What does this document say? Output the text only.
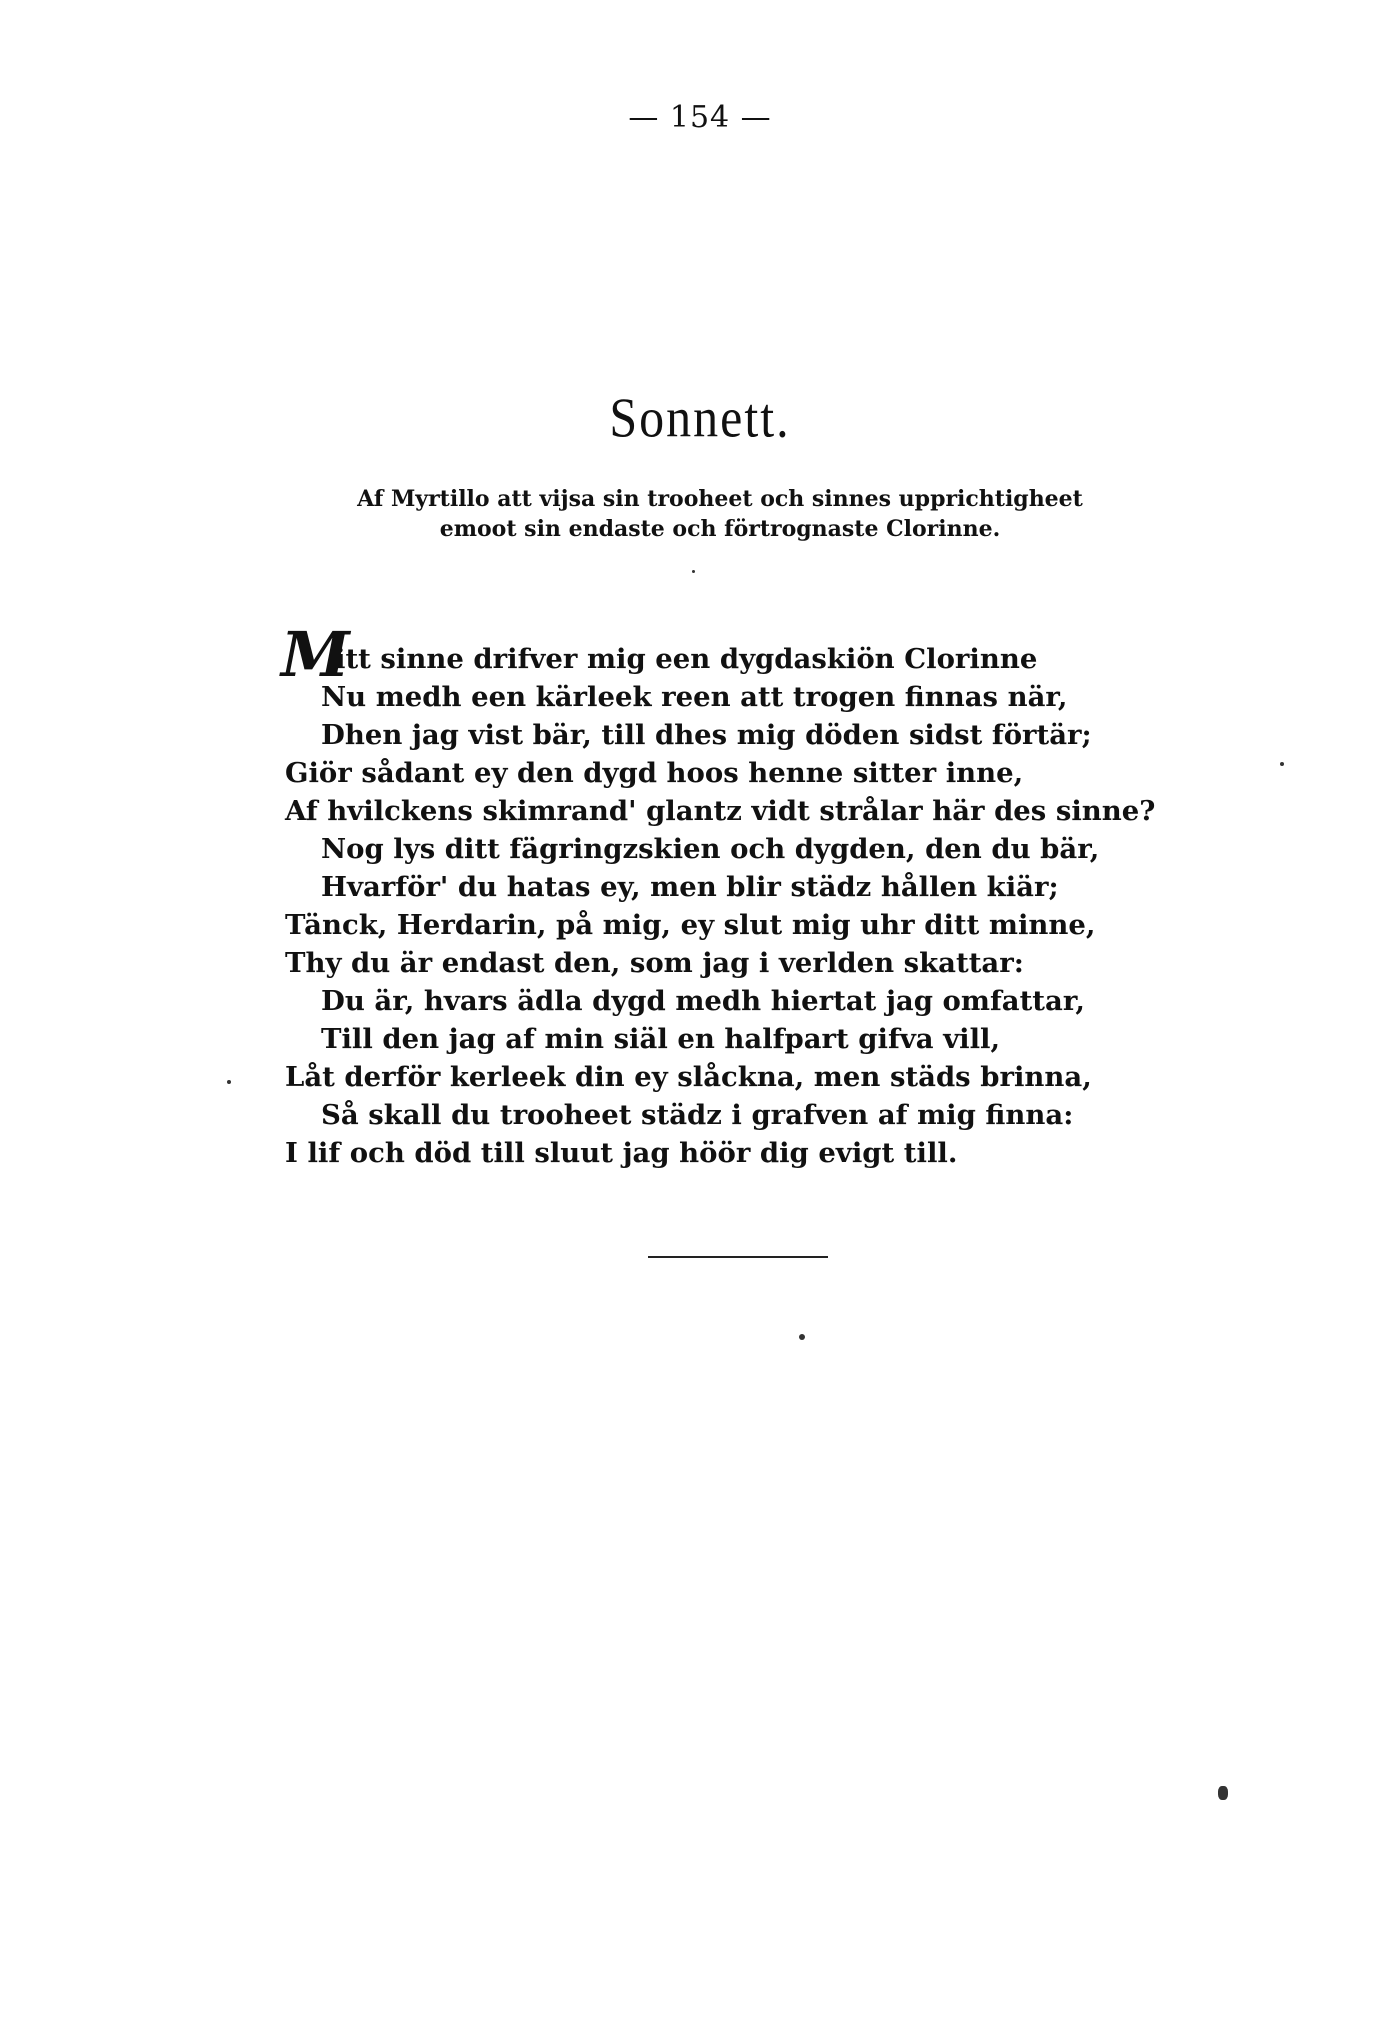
— 154 —
Sonnett.
Af Myrtillo att vijsa sin trooheet och sinnes upprichtigheet
emoot sin endaste och förtrognaste Clorinne.
M
itt sinne drifver mig een dygdaskiön Clorinne
Nu medh een kärleek reen att trogen finnas när,
Dhen jag vist bär, till dhes mig döden sidst förtär;
Giör sådant ey den dygd hoos henne sitter inne,
Af hvilckens skimrand' glantz vidt strålar här des sinne?
Nog lys ditt fägringzskien och dygden, den du bär,
Hvarför' du hatas ey, men blir städz hållen kiär;
Tänck, Herdarin, på mig, ey slut mig uhr ditt minne,
Thy du är endast den, som jag i verlden skattar:
Du är, hvars ädla dygd medh hiertat jag omfattar,
Till den jag af min siäl en halfpart gifva vill,
Låt derför kerleek din ey slåckna, men städs brinna,
Så skall du trooheet städz i grafven af mig finna:
I lif och död till sluut jag höör dig evigt till.
